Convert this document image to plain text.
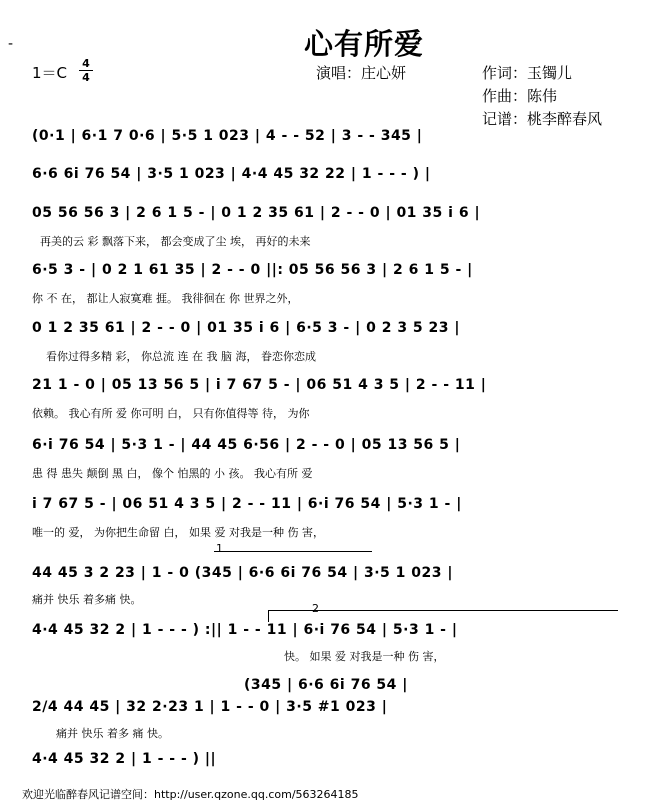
-	心有所爱
1＝C
4
4	演唱：庄心妍	作词：玉镯儿
作曲：陈伟
记谱：桃李醉春风
(0·1 | 6·1 7 0·6 | 5·5 1 023 | 4 - - 52 | 3 - - 345 |
6·6 6i 76 54 | 3·5 1 023 | 4·4 45 32 22 | 1 - - - ) |
05 56 56 3 | 2 6 1 5 - | 0 1 2 35 61 | 2 - - 0 | 01 35 i 6 |
再美的云 彩 飘落下来， 都会变成了尘 埃， 再好的未来
6·5 3 - | 0 2 1 61 35 | 2 - - 0 ||: 05 56 56 3 | 2 6 1 5 - |
你 不 在， 都让人寂寞难 捱。 我徘徊在 你 世界之外，
0 1 2 35 61 | 2 - - 0 | 01 35 i 6 | 6·5 3 - | 0 2 3 5 23 |
看你过得多精 彩， 你总流 连 在 我 脑 海， 眷恋你恋成
21 1 - 0 | 05 13 56 5 | i 7 67 5 - | 06 51 4 3 5 | 2 - - 11 |
依赖。 我心有所 爱 你可明 白， 只有你值得等 待， 为你
6·i 76 54 | 5·3 1 - | 44 45 6·56 | 2 - - 0 | 05 13 56 5 |
患 得 患失 颠倒 黑 白， 像个 怕黑的 小 孩。 我心有所 爱
i 7 67 5 - | 06 51 4 3 5 | 2 - - 11 | 6·i 76 54 | 5·3 1 - |
唯一的 爱， 为你把生命留 白， 如果 爱 对我是一种 伤 害，
1
44 45 3 2 23 | 1 - 0 (345 | 6·6 6i 76 54 | 3·5 1 023 |
痛并 快乐 着多痛 快。
2
4·4 45 32 2 | 1 - - - ) :|| 1 - - 11 | 6·i 76 54 | 5·3 1 - |
快。 如果 爱 对我是一种 伤 害，
(345 | 6·6 6i 76 54 |
2/4 44 45 | 32 2·23 1 | 1 - - 0 | 3·5 #1 023 |
痛并 快乐 着多 痛 快。
4·4 45 32 2 | 1 - - - ) ||
欢迎光临醉春风记谱空间：http://user.qzone.qq.com/563264185
